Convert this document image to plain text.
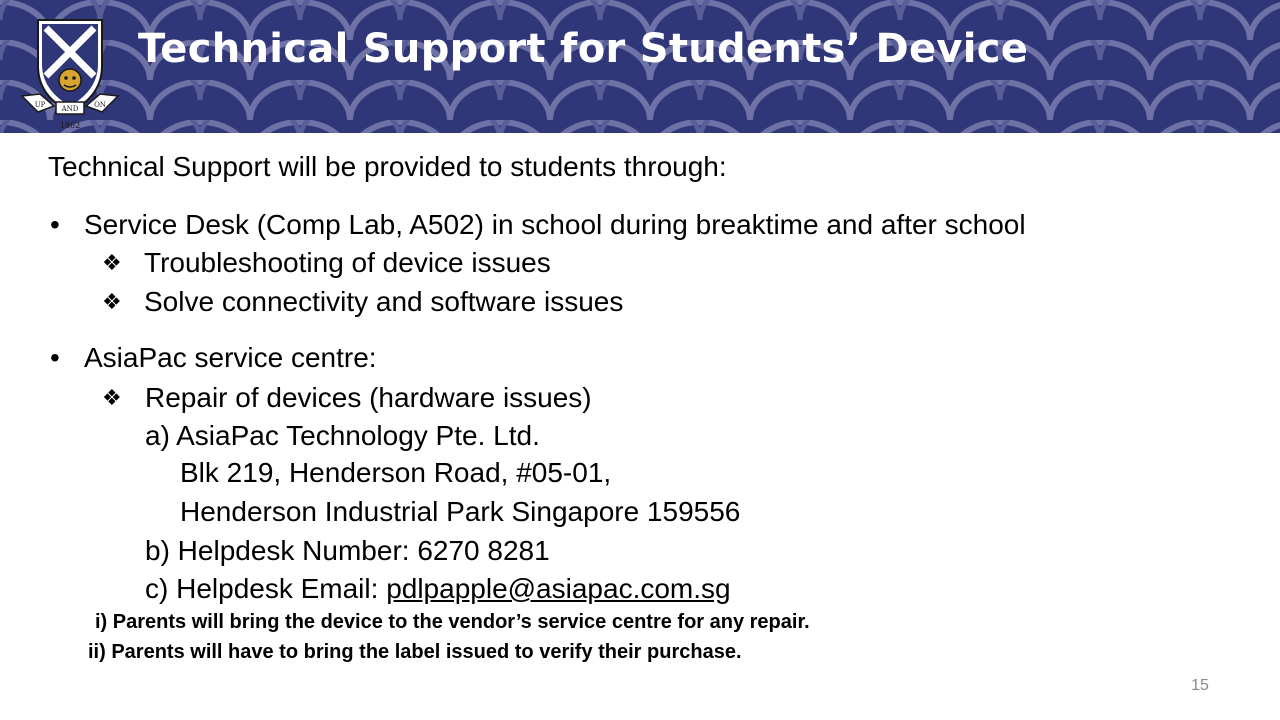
UP AND ON
1862
Technical Support for Students’ Device
Technical Support will be provided to students through:
• Service Desk (Comp Lab, A502) in school during breaktime and after school
❖ Troubleshooting of device issues
❖ Solve connectivity and software issues
• AsiaPac service centre:
❖ Repair of devices (hardware issues)
a) AsiaPac Technology Pte. Ltd.
Blk 219, Henderson Road, #05-01,
Henderson Industrial Park Singapore 159556
b) Helpdesk Number: 6270 8281
c) Helpdesk Email: pdlpapple@asiapac.com.sg
i) Parents will bring the device to the vendor’s service centre for any repair.
ii) Parents will have to bring the label issued to verify their purchase.
15
